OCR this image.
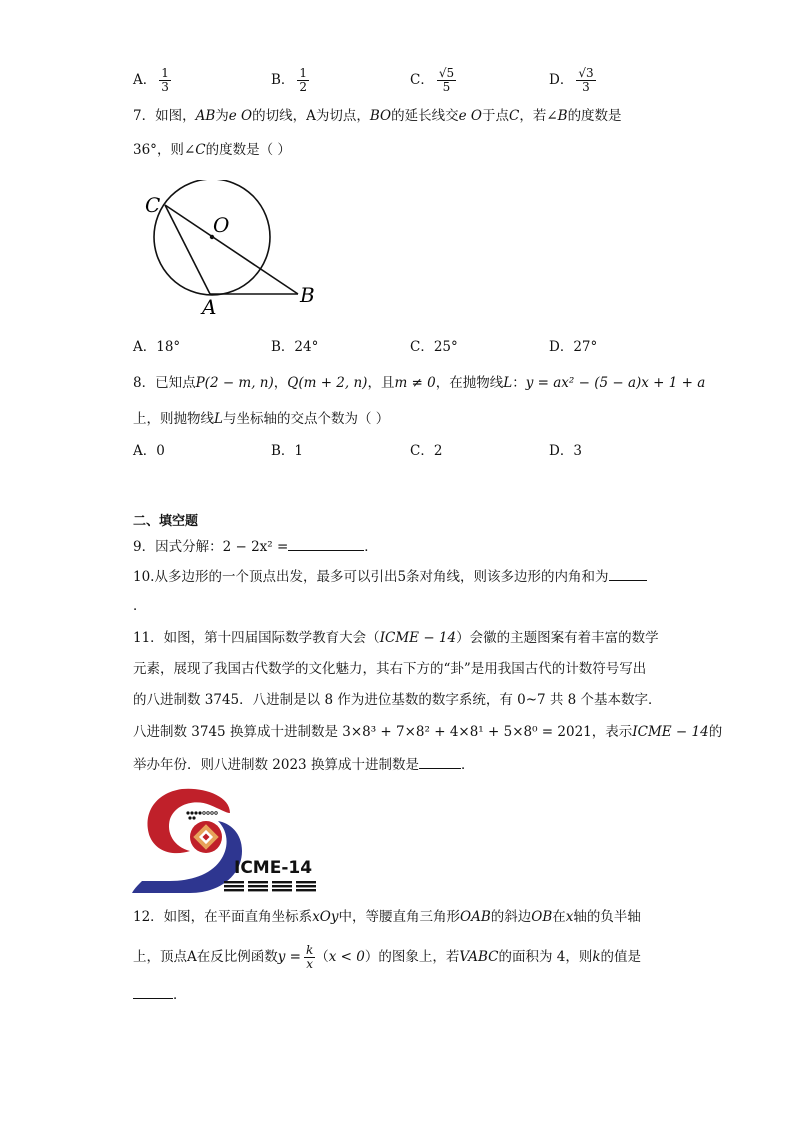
A． $\frac{1}{3}$	B． $\frac{1}{2}$	C． $\frac{√5}{5}$	D． $\frac{√3}{3}$
7．如图，AB为e O的切线，A为切点，BO的延长线交e O于点C，若∠B的度数是
36°，则∠C的度数是（ ）
C
O
A	B
A．18°	B．24°	C．25°	D．27°
8．已知点P(2 − m, n)，Q(m + 2, n)，且m ≠ 0，在抛物线L：y = ax² − (5 − a)x + 1 + a
上，则抛物线L与坐标轴的交点个数为（ ）
A．0	B．1	C．2	D．3
二、填空题
9．因式分解：2 − 2x² =	．
10.从多边形的一个顶点出发，最多可以引出5条对角线，则该多边形的内角和为
．
11．如图，第十四届国际数学教育大会（ICME − 14）会徽的主题图案有着丰富的数学
元素，展现了我国古代数学的文化魅力，其右下方的“卦”是用我国古代的计数符号写出
的八进制数 3745．八进制是以 8 作为进位基数的数字系统，有 0~7 共 8 个基本数字．
八进制数 3745 换算成十进制数是 3×8³ + 7×8² + 4×8¹ + 5×8⁰ = 2021，表示ICME − 14的
举办年份．则八进制数 2023 换算成十进制数是	．
ICME-14
12．如图，在平面直角坐标系xOy中，等腰直角三角形OAB的斜边OB在x轴的负半轴
上，顶点A在反比例函数$y = \frac{k}{x} (x < 0)$的图象上，若VABC的面积为 4，则k的值是
．
